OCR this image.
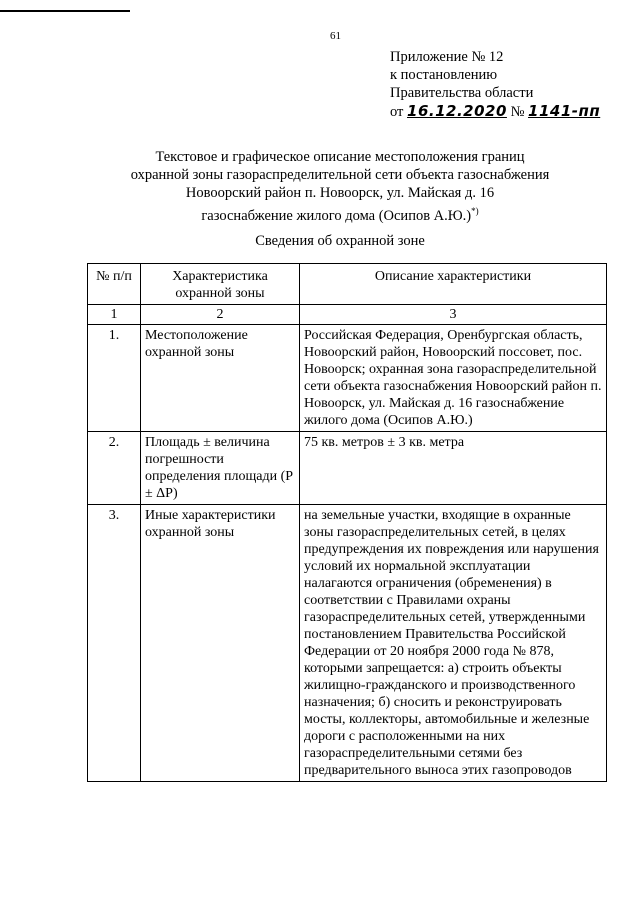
61
Приложение № 12
к постановлению
Правительства области
от 16.12.2020 № 1141-пп
Текстовое и графическое описание местоположения границ
охранной зоны газораспределительной сети объекта газоснабжения
Новоорский район п. Новоорск, ул. Майская д. 16
газоснабжение жилого дома (Осипов А.Ю.)*)
Сведения об охранной зоне
№ п/п	Характеристика охранной зоны	Описание характеристики
1	2	3
1.	Местоположение охранной зоны	Российская Федерация, Оренбургская область, Новоорский район, Новоорский поссовет, пос. Новоорск; охранная зона газораспределительной сети объекта газоснабжения Новоорский район п. Новоорск, ул. Майская д. 16 газоснабжение жилого дома (Осипов А.Ю.)
2.	Площадь ± величина погрешности определения площади (P ± ΔP)	75 кв. метров ± 3 кв. метра
3.	Иные характеристики охранной зоны	на земельные участки, входящие в охранные зоны газораспределительных сетей, в целях предупреждения их повреждения или нарушения условий их нормальной эксплуатации налагаются ограничения (обременения) в соответствии с Правилами охраны газораспределительных сетей, утвержденными постановлением Правительства Российской Федерации от 20 ноября 2000 года № 878, которыми запрещается: а) строить объекты жилищно-гражданского и производственного назначения; б) сносить и реконструировать мосты, коллекторы, автомобильные и железные дороги с расположенными на них газораспределительными сетями без предварительного выноса этих газопроводов
